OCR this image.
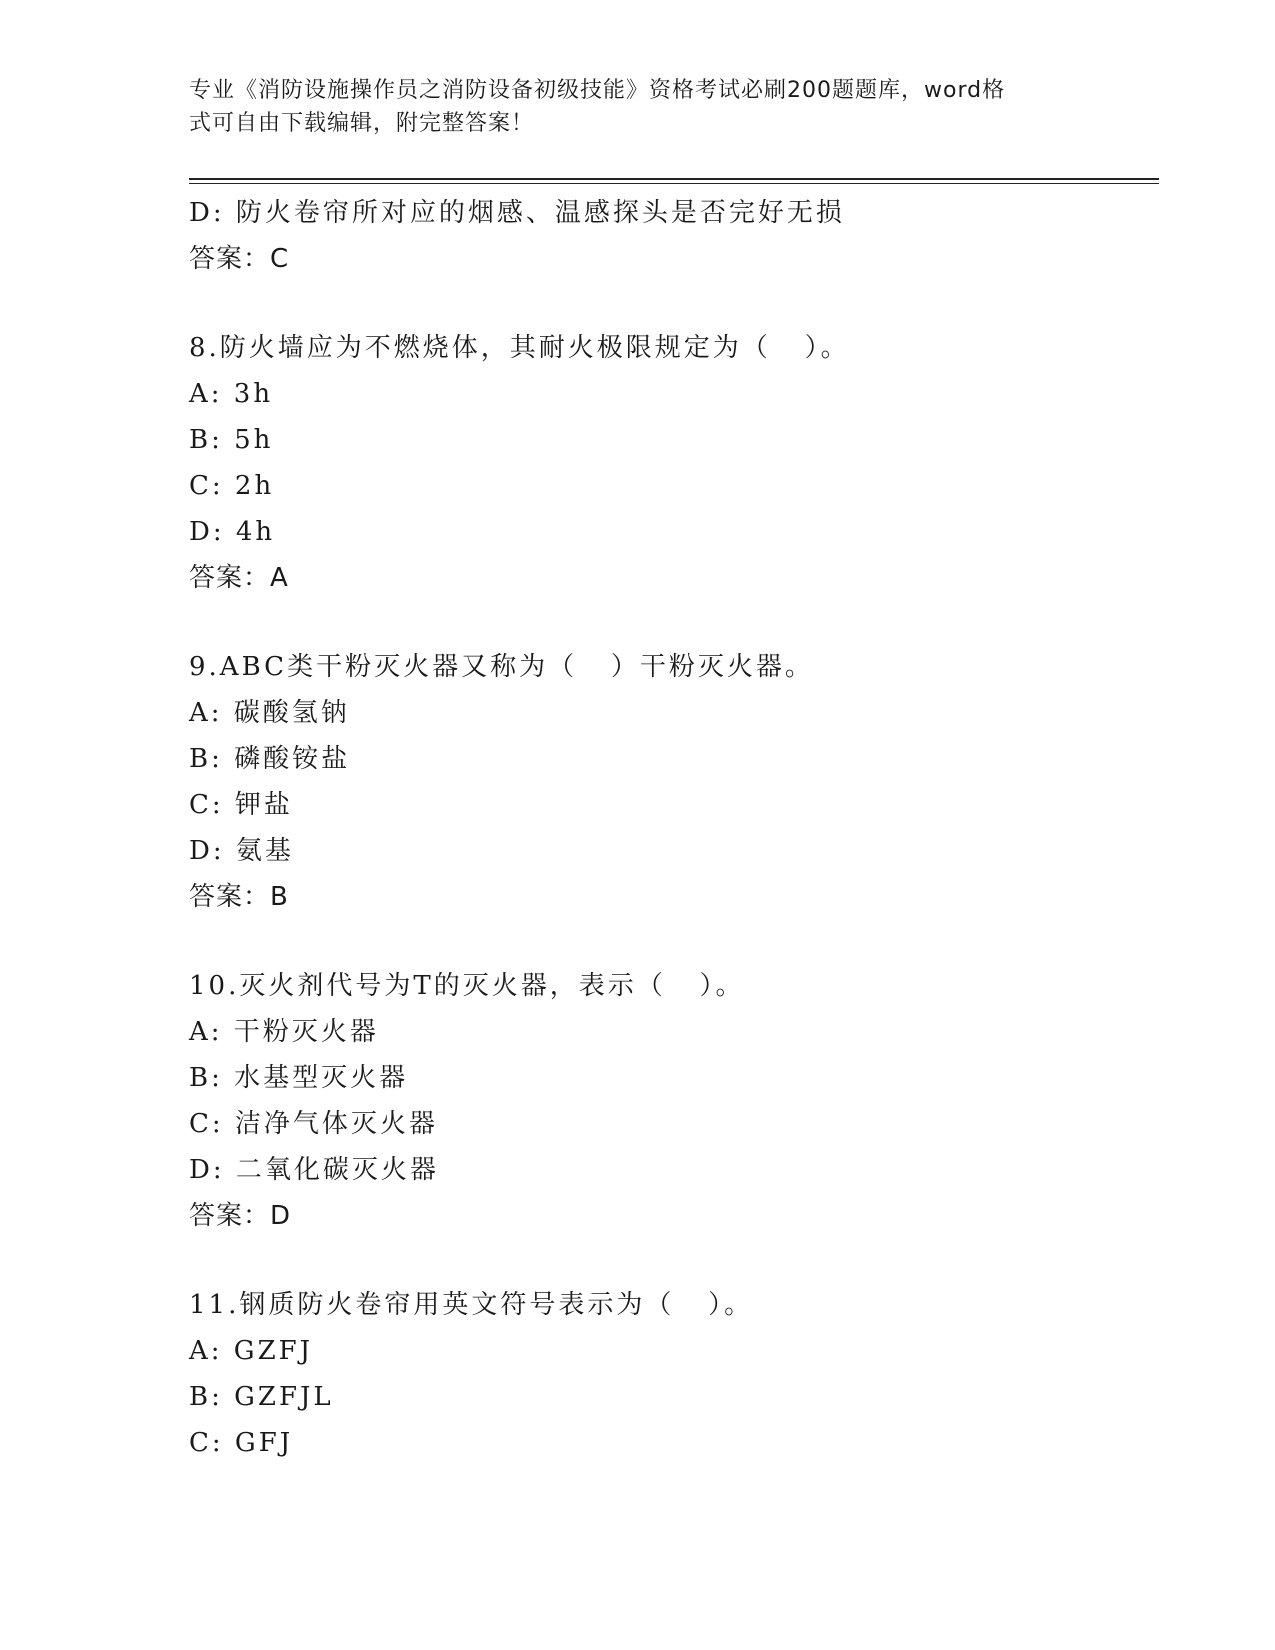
专业《消防设施操作员之消防设备初级技能》资格考试必刷200题题库，word格
式可自由下载编辑，附完整答案！
D: 防火卷帘所对应的烟感、温感探头是否完好无损
答案：C
8.防火墙应为不燃烧体，其耐火极限规定为（   ）。
A: 3h
B: 5h
C: 2h
D: 4h
答案：A
9.ABC类干粉灭火器又称为（   ）干粉灭火器。
A: 碳酸氢钠
B: 磷酸铵盐
C: 钾盐
D: 氨基
答案：B
10.灭火剂代号为T的灭火器，表示（   ）。
A: 干粉灭火器
B: 水基型灭火器
C: 洁净气体灭火器
D: 二氧化碳灭火器
答案：D
11.钢质防火卷帘用英文符号表示为（   ）。
A: GZFJ
B: GZFJL
C: GFJ
